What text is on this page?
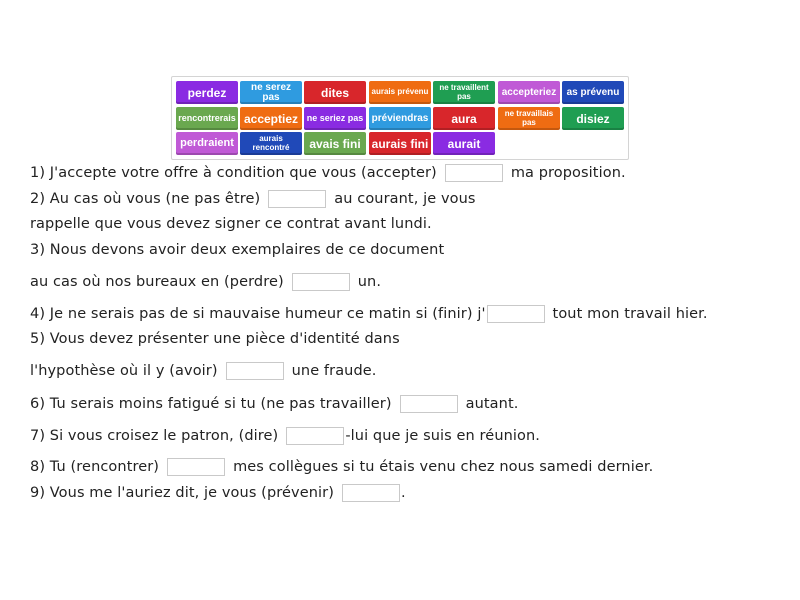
perdez	ne serez pas	dites	aurais prévenu	ne travaillent pas	accepteriez	as prévenu
rencontrerais acceptiez ne seriez pas préviendras	aura	ne travaillais pas	disiez
perdraient	aurais rencontré	avais fini aurais fini	aurait
1) J'accepte votre offre à condition que vous (accepter)	ma proposition.
2) Au cas où vous (ne pas être)	au courant, je vous
rappelle que vous devez signer ce contrat avant lundi.
3) Nous devons avoir deux exemplaires de ce document
au cas où nos bureaux en (perdre)	un.
4) Je ne serais pas de si mauvaise humeur ce matin si (finir) j'	tout mon travail hier.
5) Vous devez présenter une pièce d'identité dans
l'hypothèse où il y (avoir)	une fraude.
6) Tu serais moins fatigué si tu (ne pas travailler)	autant.
7) Si vous croisez le patron, (dire)	-lui que je suis en réunion.
8) Tu (rencontrer)	mes collègues si tu étais venu chez nous samedi dernier.
9) Vous me l'auriez dit, je vous (prévenir)	.
